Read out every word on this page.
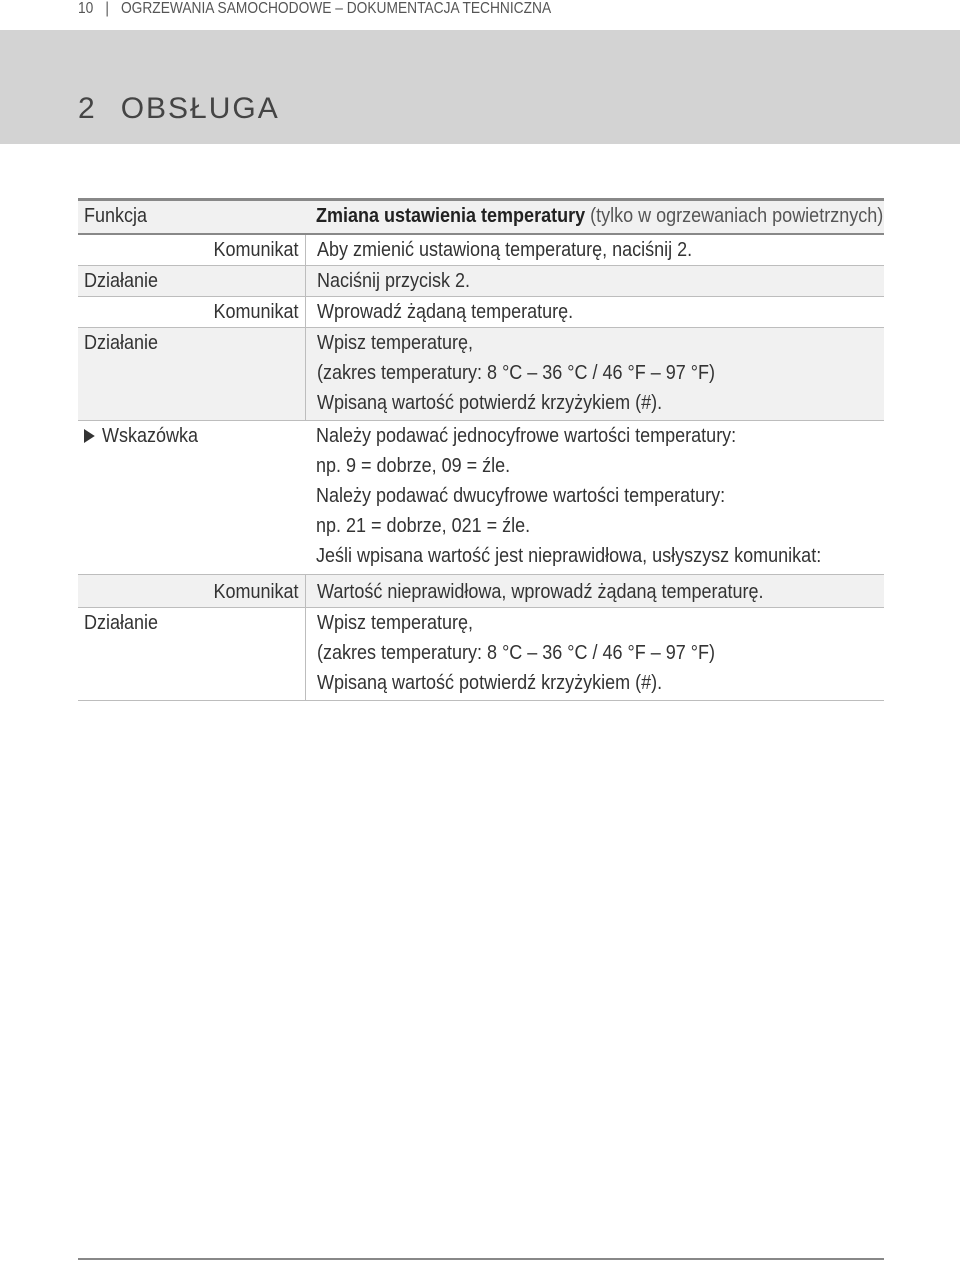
10 | OGRZEWANIA SAMOCHODOWE – DOKUMENTACJA TECHNICZNA
2 OBSŁUGA
Funkcja		Zmiana ustawienia temperatury (tylko w ogrzewaniach powietrznych)
	Komunikat	Aby zmienić ustawioną temperaturę, naciśnij 2.

Działanie		Naciśnij przycisk 2.

	Komunikat	Wprowadź żądaną temperaturę.

Działanie		Wpisz temperaturę,
(zakres temperatury: 8 °C – 36 °C / 46 °F – 97 °F)
Wpisaną wartość potwierdź krzyżykiem (#).

Wskazówka		Należy podawać jednocyfrowe wartości temperatury:
np. 9 = dobrze, 09 = źle.
Należy podawać dwucyfrowe wartości temperatury:
np. 21 = dobrze, 021 = źle.
Jeśli wpisana wartość jest nieprawidłowa, usłyszysz komunikat:

	Komunikat	Wartość nieprawidłowa, wprowadź żądaną temperaturę.

Działanie		Wpisz temperaturę,
(zakres temperatury: 8 °C – 36 °C / 46 °F – 97 °F)
Wpisaną wartość potwierdź krzyżykiem (#).
